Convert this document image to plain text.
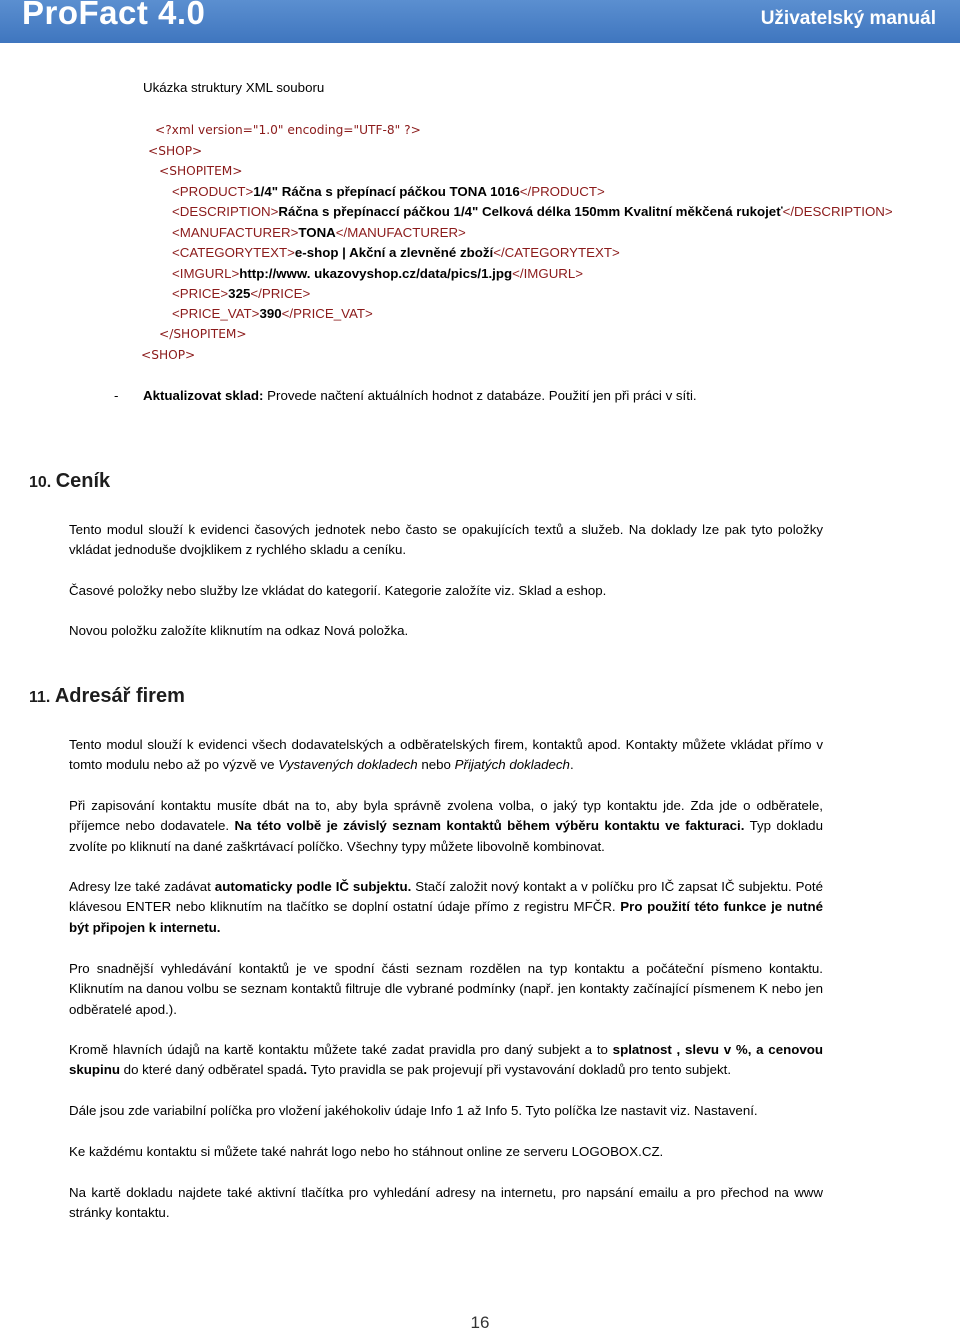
ProFact 4.0	Uživatelský manuál
Ukázka struktury XML souboru
<?xml version="1.0" encoding="UTF-8" ?>
<SHOP>
<SHOPITEM>
<PRODUCT>1/4" Ráčna s přepínací páčkou TONA 1016</PRODUCT>
<DESCRIPTION>Ráčna s přepínaccí páčkou 1/4" Celková délka 150mm Kvalitní měkčená rukojeť</DESCRIPTION>
<MANUFACTURER>TONA</MANUFACTURER>
<CATEGORYTEXT>e-shop | Akční a zlevněné zboží</CATEGORYTEXT>
<IMGURL>http://www. ukazovyshop.cz/data/pics/1.jpg</IMGURL>
<PRICE>325</PRICE>
<PRICE_VAT>390</PRICE_VAT>
</SHOPITEM>
<SHOP>
- Aktualizovat sklad: Provede načtení aktuálních hodnot z databáze. Použití jen při práci v síti.
10. Ceník
Tento modul slouží k evidenci časových jednotek nebo často se opakujících textů a služeb. Na doklady lze pak tyto položky vkládat jednoduše dvojklikem z rychlého skladu a ceníku.
Časové položky nebo služby lze vkládat do kategorií. Kategorie založíte viz. Sklad a eshop.
Novou položku založíte kliknutím na odkaz Nová položka.
11. Adresář firem
Tento modul slouží k evidenci všech dodavatelských a odběratelských firem, kontaktů apod. Kontakty můžete vkládat přímo v tomto modulu nebo až po výzvě ve Vystavených dokladech nebo Přijatých dokladech.
Při zapisování kontaktu musíte dbát na to, aby byla správně zvolena volba, o jaký typ kontaktu jde. Zda jde o odběratele, příjemce nebo dodavatele. Na této volbě je závislý seznam kontaktů během výběru kontaktu ve fakturaci. Typ dokladu zvolíte po kliknutí na dané zaškrtávací políčko. Všechny typy můžete libovolně kombinovat.
Adresy lze také zadávat automaticky podle IČ subjektu. Stačí založit nový kontakt a v políčku pro IČ zapsat IČ subjektu. Poté klávesou ENTER nebo kliknutím na tlačítko se doplní ostatní údaje přímo z registru MFČR. Pro použití této funkce je nutné být připojen k internetu.
Pro snadnější vyhledávání kontaktů je ve spodní části seznam rozdělen na typ kontaktu a počáteční písmeno kontaktu. Kliknutím na danou volbu se seznam kontaktů filtruje dle vybrané podmínky (např. jen kontakty začínající písmenem K nebo jen odběratelé apod.).
Kromě hlavních údajů na kartě kontaktu můžete také zadat pravidla pro daný subjekt a to splatnost , slevu v %, a cenovou skupinu do které daný odběratel spadá. Tyto pravidla se pak projevují při vystavování dokladů pro tento subjekt.
Dále jsou zde variabilní políčka pro vložení jakéhokoliv údaje Info 1 až Info 5. Tyto políčka lze nastavit viz. Nastavení.
Ke každému kontaktu si můžete také nahrát logo nebo ho stáhnout online ze serveru LOGOBOX.CZ.
Na kartě dokladu najdete také aktivní tlačítka pro vyhledání adresy na internetu, pro napsání emailu a pro přechod na www stránky kontaktu.
16
